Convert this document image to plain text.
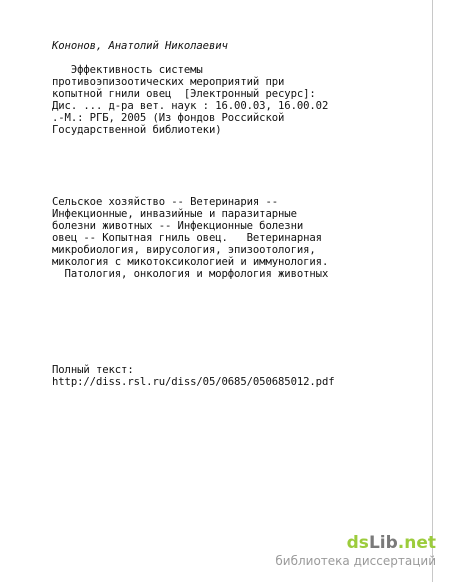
Кононов, Анатолий Николаевич
Эффективность системы
противоэпизоотических мероприятий при
копытной гнили овец  [Электронный ресурс]:
Дис. ... д-ра вет. наук : 16.00.03, 16.00.02
.-М.: РГБ, 2005 (Из фондов Российской
Государственной библиотеки)
Сельское хозяйство -- Ветеринария --
Инфекционные, инвазийные и паразитарные
болезни животных -- Инфекционные болезни
овец -- Копытная гниль овец.   Ветеринарная
микробиология, вирусология, эпизоотология,
микология с микотоксикологией и иммунология.
Патология, онкология и морфология животных
Полный текст:
http://diss.rsl.ru/diss/05/0685/050685012.pdf
dsLib.net
библиотека диссертаций
